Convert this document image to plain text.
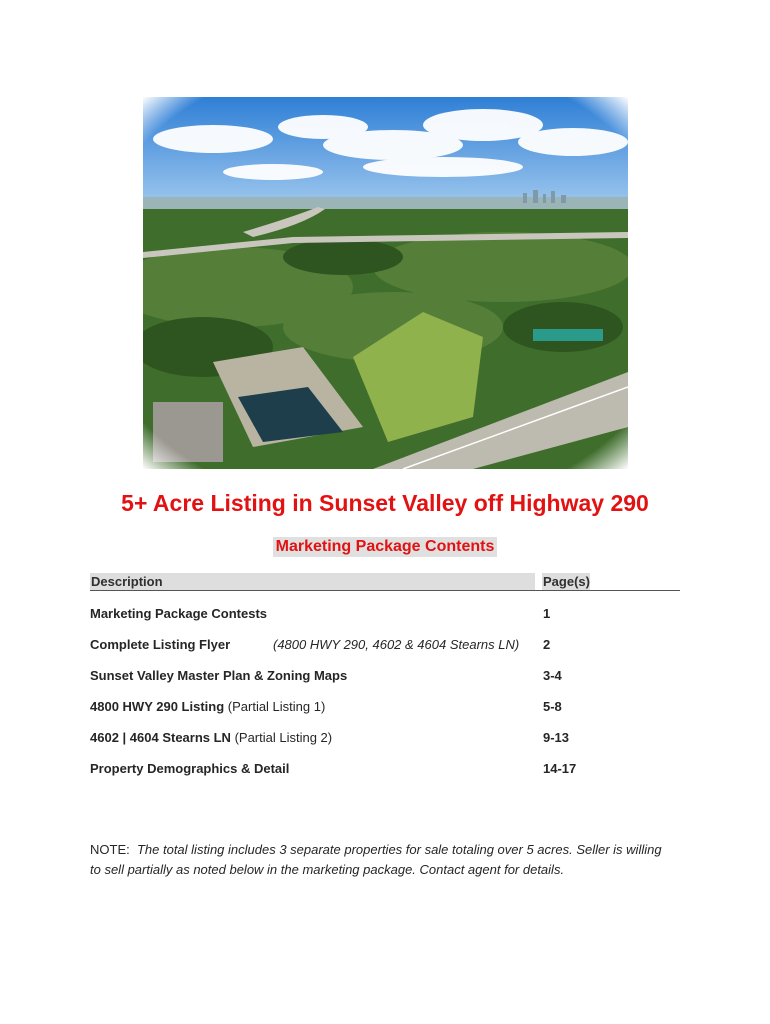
5+ Acre Listing in Sunset Valley off Highway 290
Marketing Package Contents
Description	Page(s)
Marketing Package Contests	1
Complete Listing Flyer	(4800 HWY 290, 4602 & 4604 Stearns LN) 2
Sunset Valley Master Plan & Zoning Maps	3-4
4800 HWY 290 Listing (Partial Listing 1)	5-8
4602 | 4604 Stearns LN (Partial Listing 2)	9-13
Property Demographics & Detail	14-17
NOTE: The total listing includes 3 separate properties for sale totaling over 5 acres. Seller is willing to sell partially as noted below in the marketing package. Contact agent for details.
